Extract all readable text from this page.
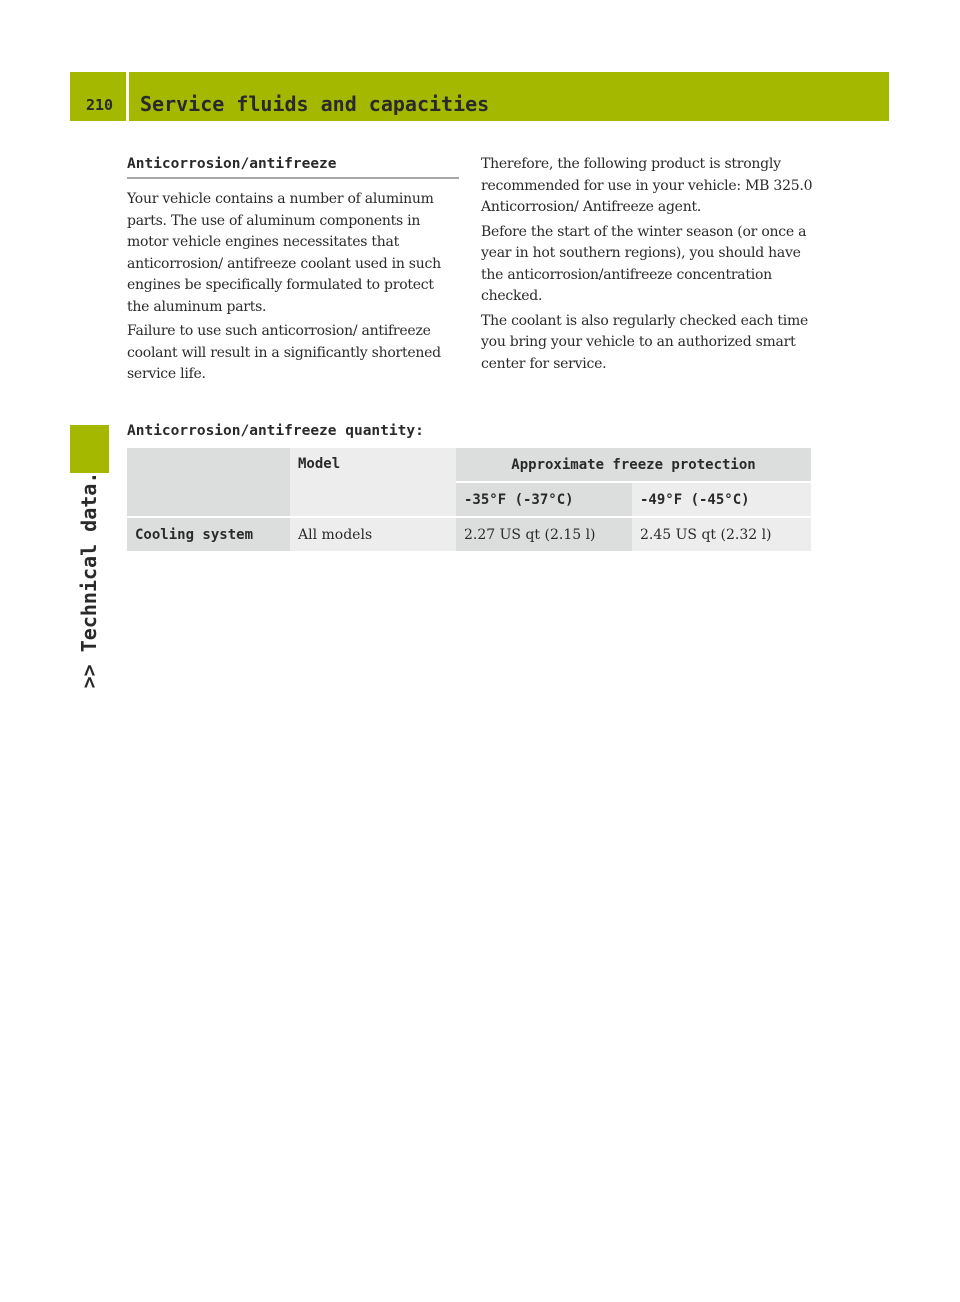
210 Service fluids and capacities
>> Technical data.
Anticorrosion/antifreeze

Your vehicle contains a number of aluminum parts. The use of aluminum components in motor vehicle engines necessitates that anticorrosion/ antifreeze coolant used in such engines be specifically formulated to protect the aluminum parts.

Failure to use such anticorrosion/ antifreeze coolant will result in a significantly shortened service life.

Therefore, the following product is strongly recommended for use in your vehicle: MB 325.0 Anticorrosion/ Antifreeze agent.

Before the start of the winter season (or once a year in hot southern regions), you should have the anticorrosion/antifreeze concentration checked.

The coolant is also regularly checked each time you bring your vehicle to an authorized smart center for service.

Anticorrosion/antifreeze quantity:
	Model	Approximate freeze protection	
		-35°F (-37°C)	-49°F (-45°C)
Cooling system	All models	2.27 US qt (2.15 l)	2.45 US qt (2.32 l)
